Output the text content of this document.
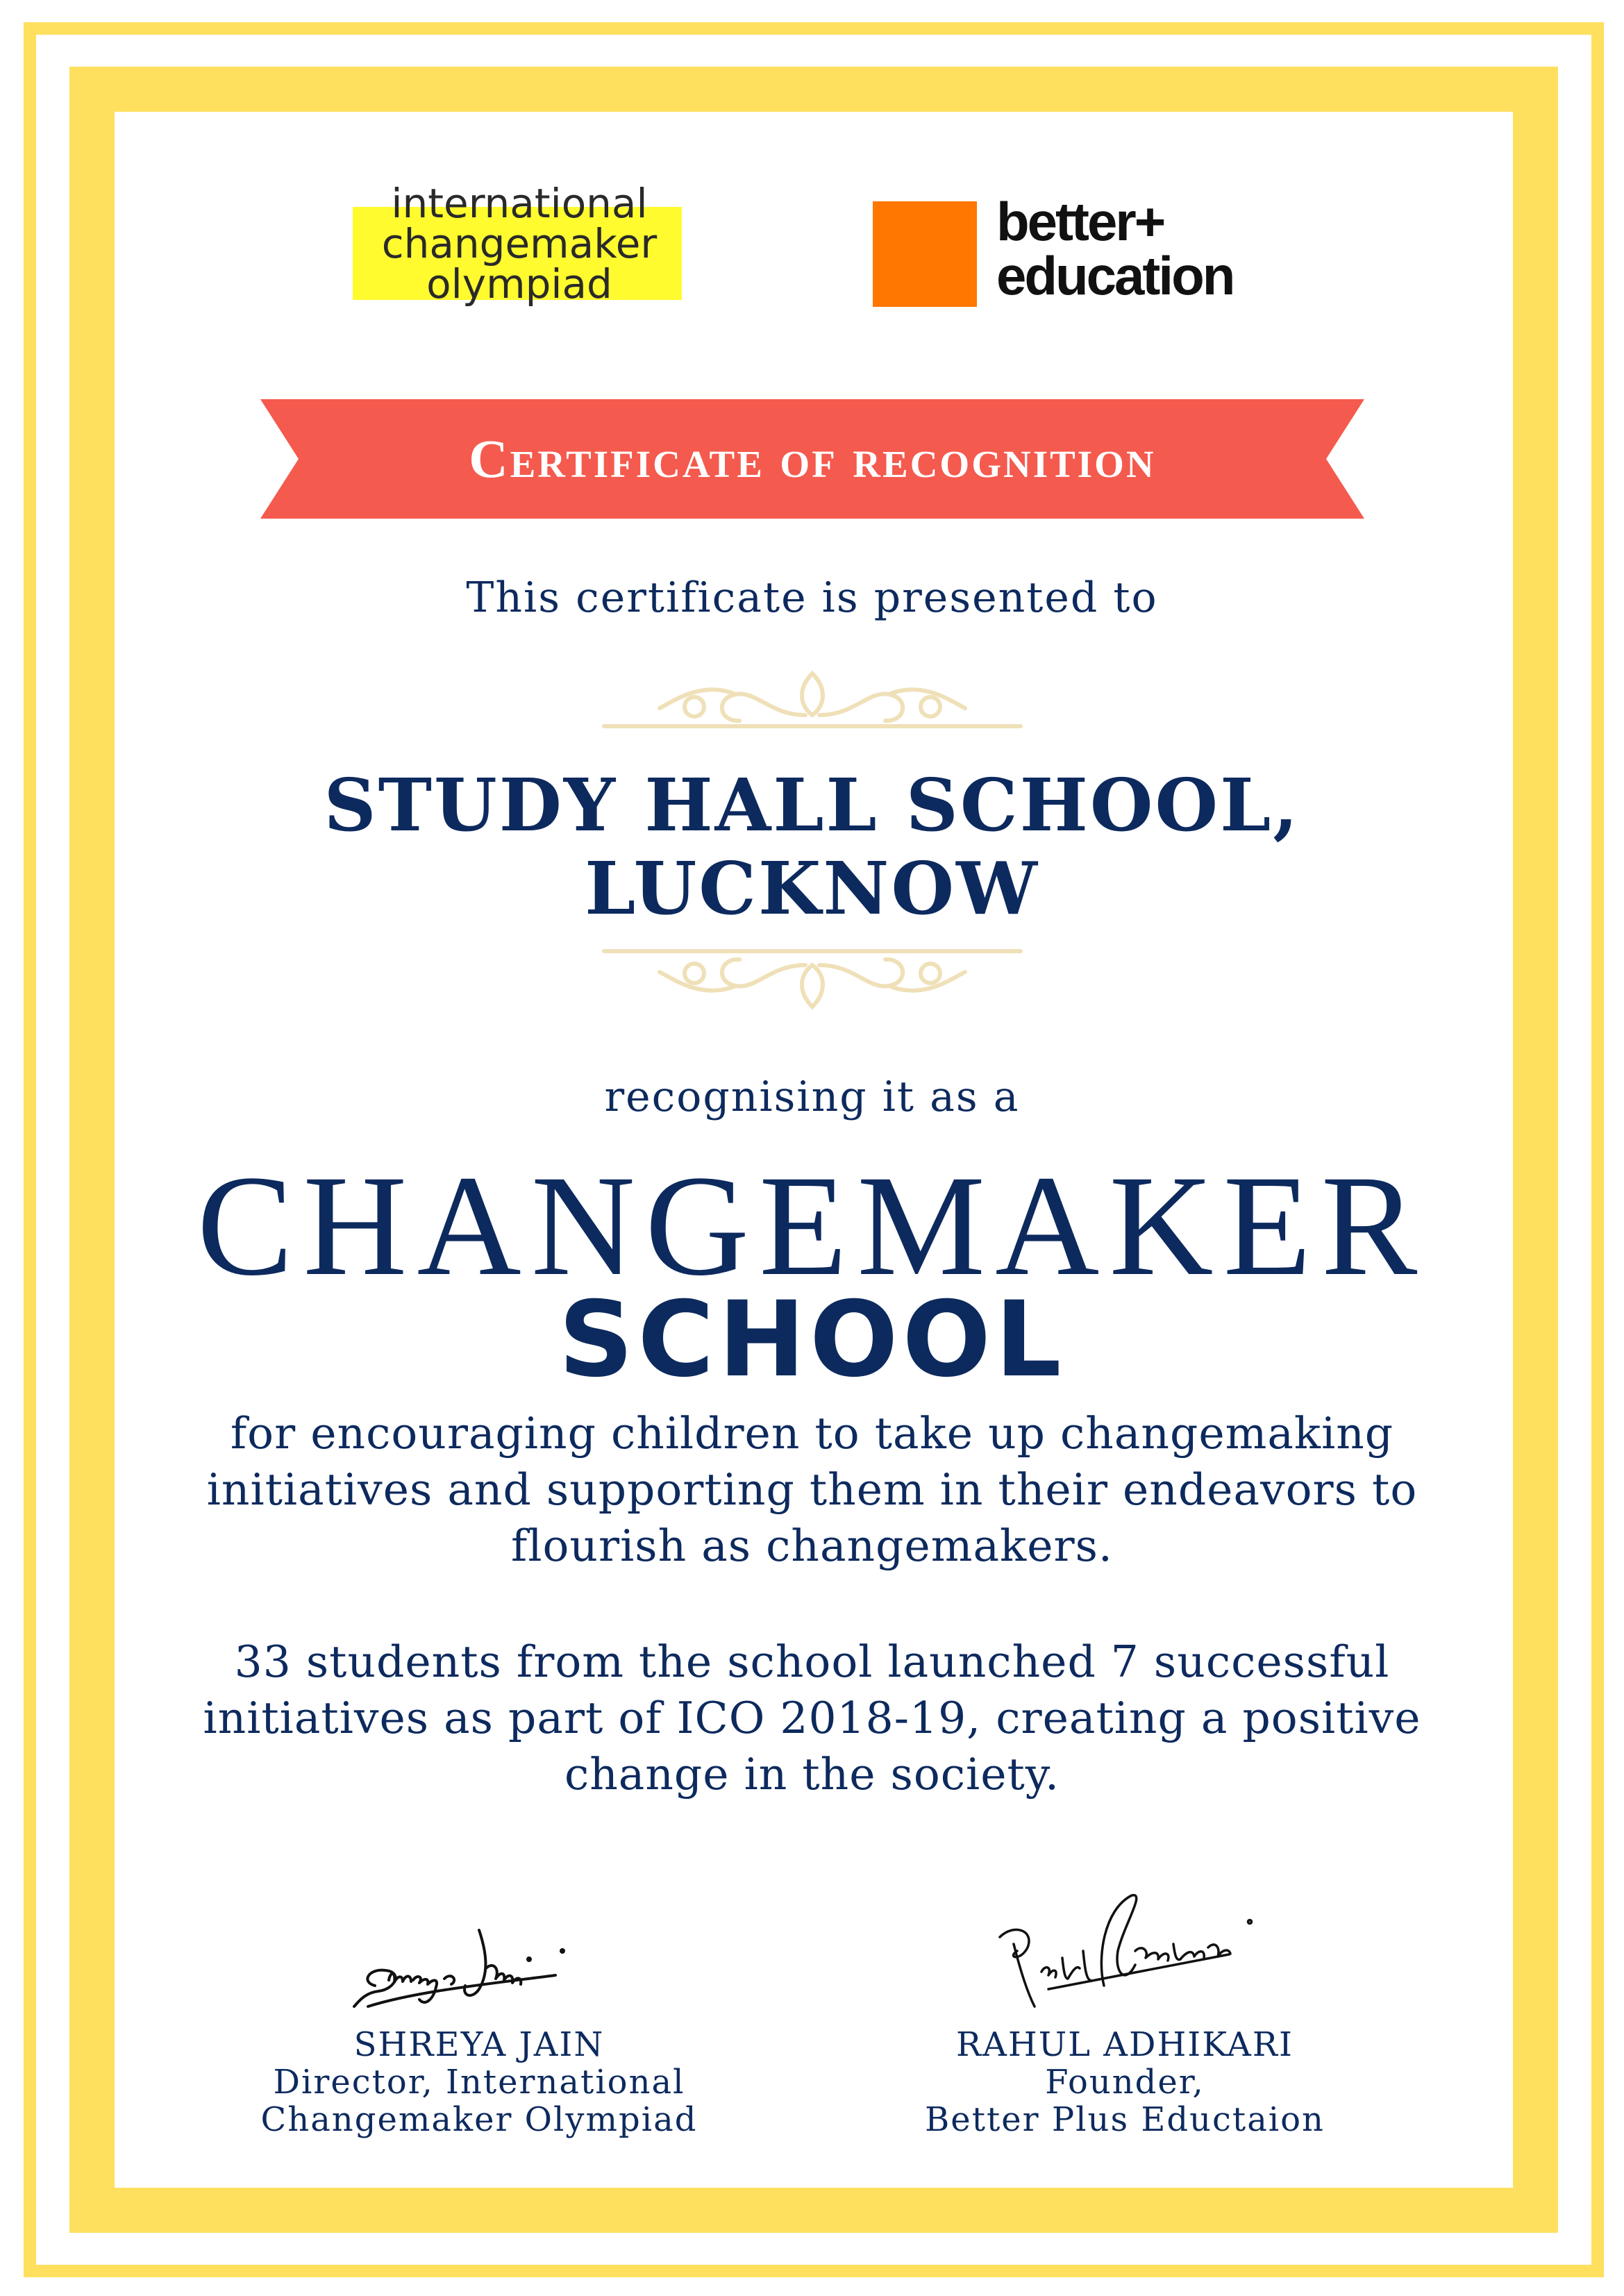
international
changemaker
olympiad
better+
education
Certificate of recognition
This certificate is presented to
STUDY HALL SCHOOL,
LUCKNOW
recognising it as a
CHANGEMAKER
SCHOOL
for encouraging children to take up changemaking
initiatives and supporting them in their endeavors to
flourish as changemakers.
33 students from the school launched 7 successful
initiatives as part of ICO 2018-19, creating a positive
change in the society.
SHREYA JAIN
Director, International
Changemaker Olympiad
RAHUL ADHIKARI
Founder,
Better Plus Eductaion
